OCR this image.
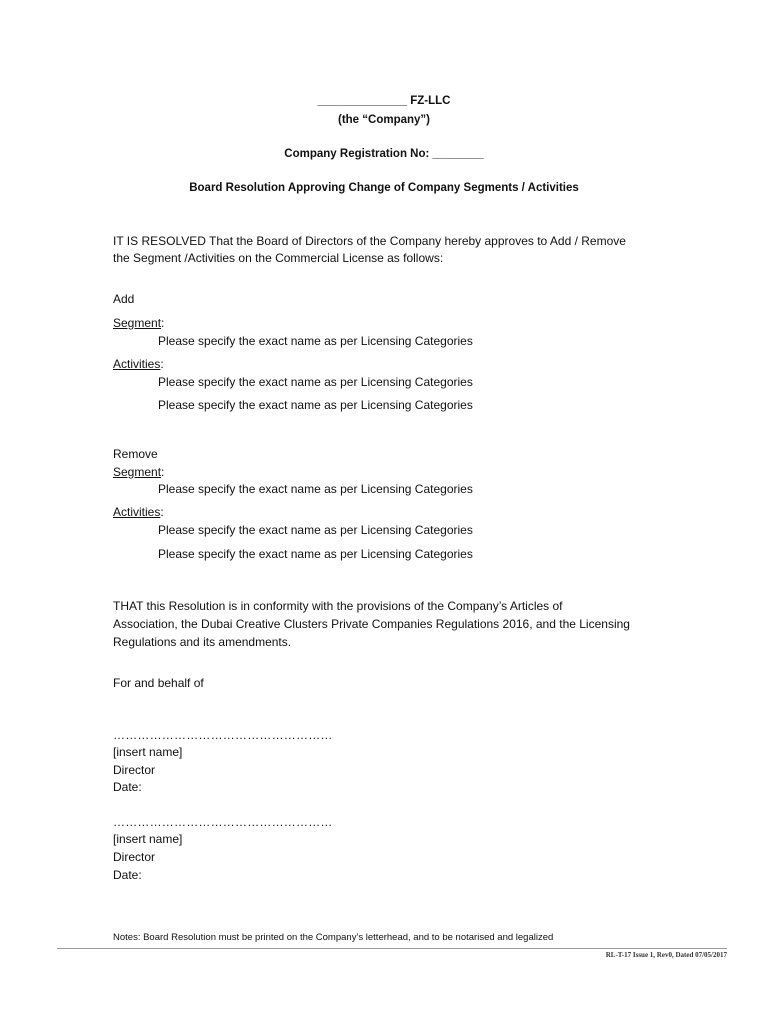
______________ FZ-LLC
(the “Company”)
Company Registration No: ________
Board Resolution Approving Change of Company Segments / Activities
IT IS RESOLVED That the Board of Directors of the Company hereby approves to Add / Remove
the Segment /Activities on the Commercial License as follows:
Add
Segment:
Please specify the exact name as per Licensing Categories
Activities:
Please specify the exact name as per Licensing Categories
Please specify the exact name as per Licensing Categories
Remove
Segment:
Please specify the exact name as per Licensing Categories
Activities:
Please specify the exact name as per Licensing Categories
Please specify the exact name as per Licensing Categories
THAT this Resolution is in conformity with the provisions of the Company’s Articles of
Association, the Dubai Creative Clusters Private Companies Regulations 2016, and the Licensing
Regulations and its amendments.
For and behalf of
………………………………………………
[insert name]
Director
Date:
………………………………………………
[insert name]
Director
Date:
Notes: Board Resolution must be printed on the Company’s letterhead, and to be notarised and legalized
RL-T-17 Issue 1, Rev0, Dated 07/05/2017
